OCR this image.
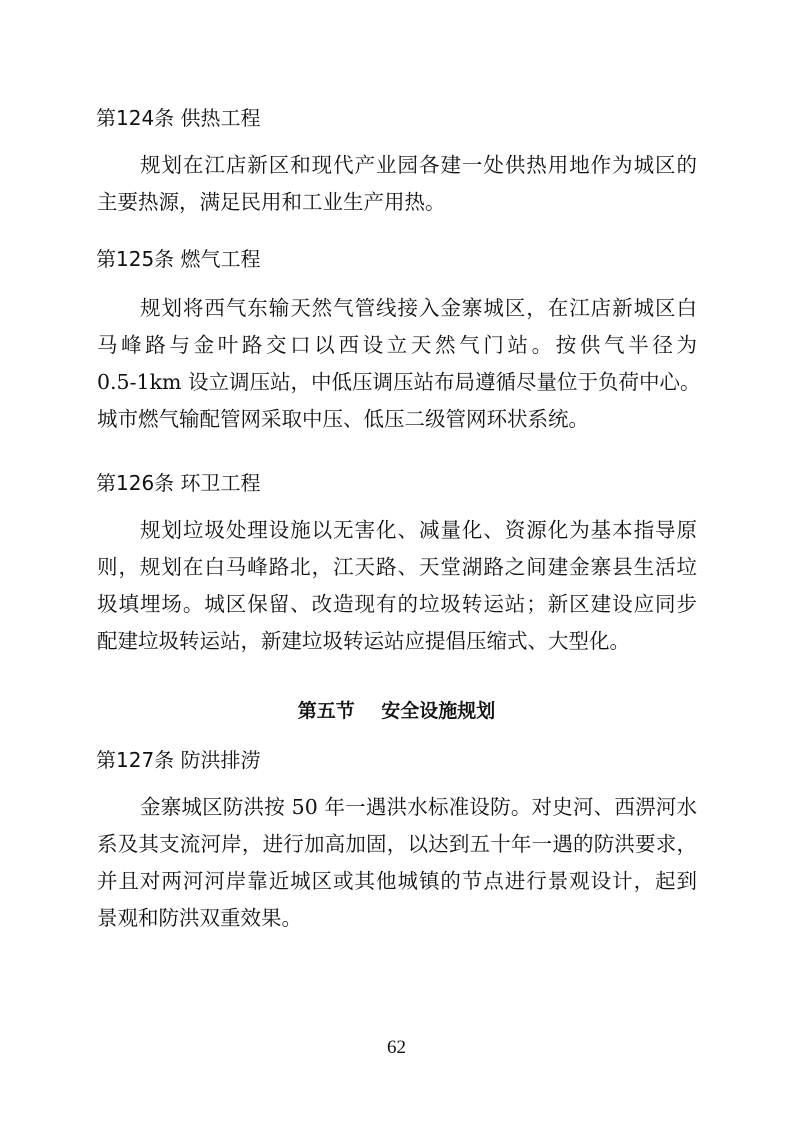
第124条 供热工程
规划在江店新区和现代产业园各建一处供热用地作为城区的
主要热源，满足民用和工业生产用热。
第125条 燃气工程
规划将西气东输天然气管线接入金寨城区，在江店新城区白
马峰路与金叶路交口以西设立天然气门站。按供气半径为
0.5-1km 设立调压站，中低压调压站布局遵循尽量位于负荷中心。
城市燃气输配管网采取中压、低压二级管网环状系统。
第126条 环卫工程
规划垃圾处理设施以无害化、减量化、资源化为基本指导原
则，规划在白马峰路北，江天路、天堂湖路之间建金寨县生活垃
圾填埋场。城区保留、改造现有的垃圾转运站；新区建设应同步
配建垃圾转运站，新建垃圾转运站应提倡压缩式、大型化。
第五节    安全设施规划
第127条 防洪排涝
金寨城区防洪按 50 年一遇洪水标准设防。对史河、西淠河水
系及其支流河岸，进行加高加固，以达到五十年一遇的防洪要求，
并且对两河河岸靠近城区或其他城镇的节点进行景观设计，起到
景观和防洪双重效果。
62
